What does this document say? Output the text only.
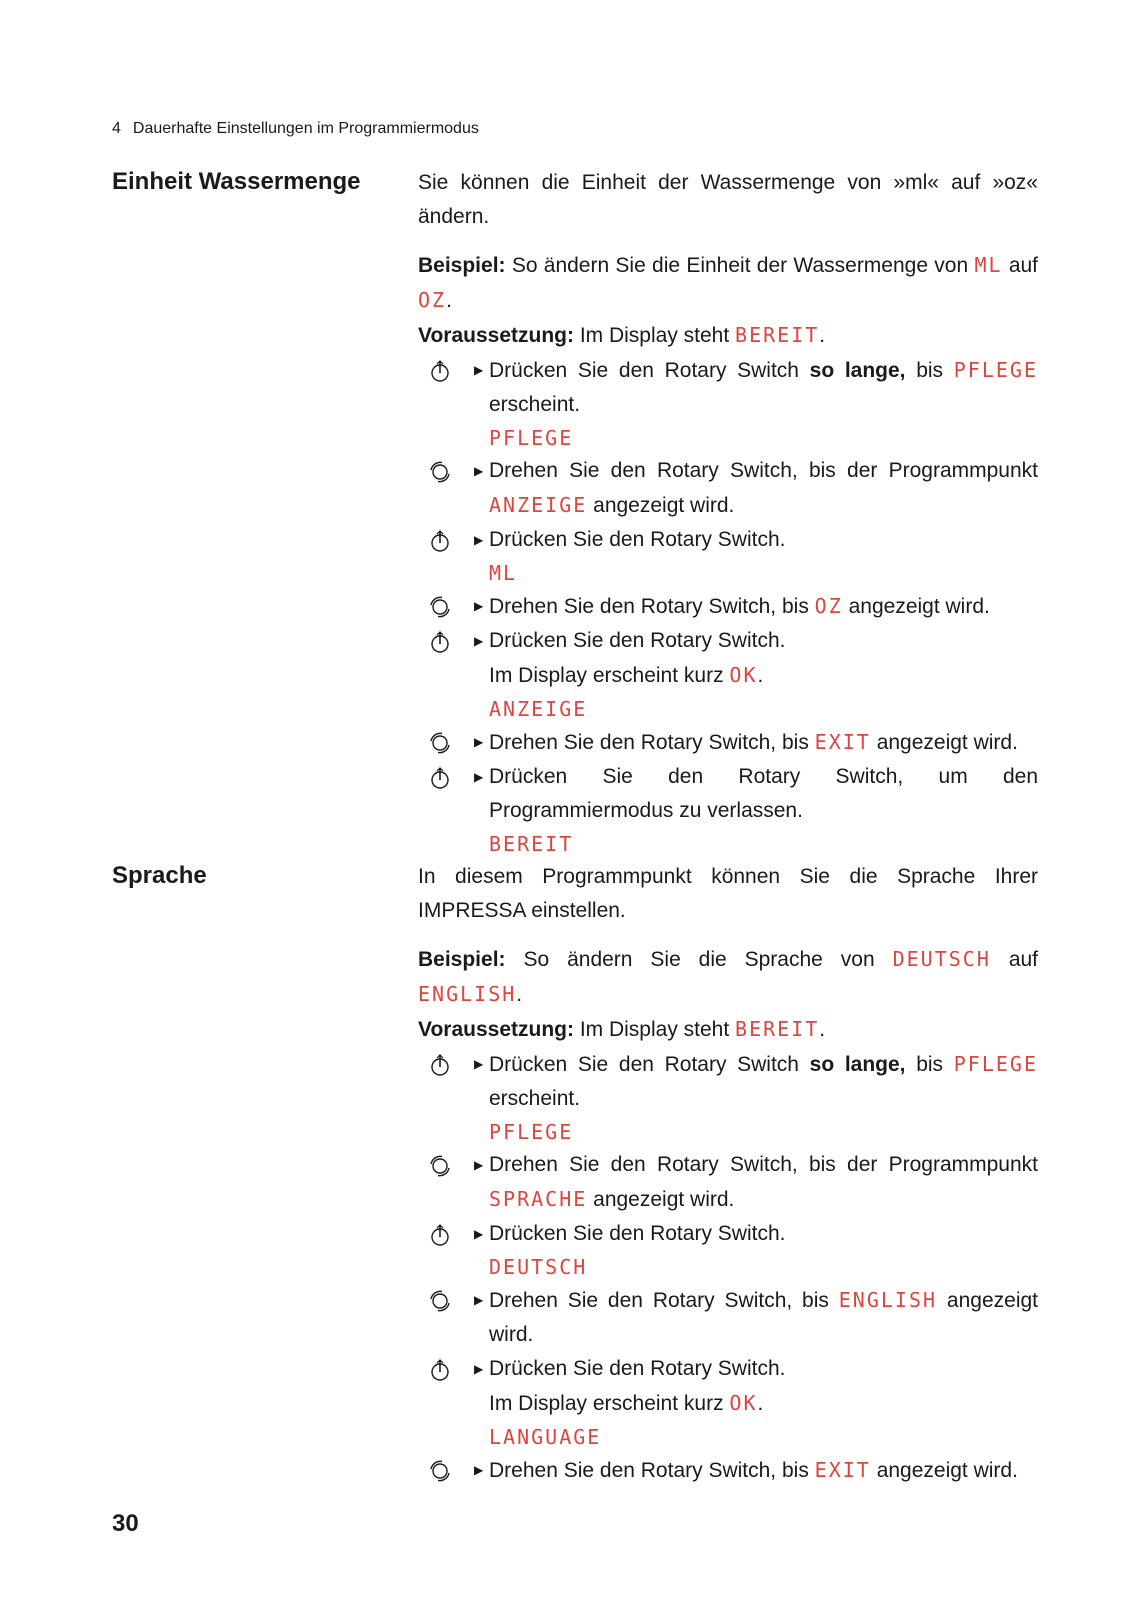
4 Dauerhafte Einstellungen im Programmiermodus
Einheit Wassermenge	Sie können die Einheit der Wassermenge von »ml« auf »oz« ändern.

Beispiel: So ändern Sie die Einheit der Wassermenge von ML auf OZ.

Voraussetzung: Im Display steht BEREIT.

▶ Drücken Sie den Rotary Switch so lange, bis PFLEGE erscheint.
PFLEGE
▶ Drehen Sie den Rotary Switch, bis der Programmpunkt ANZEIGE angezeigt wird.
▶ Drücken Sie den Rotary Switch.
ML
▶ Drehen Sie den Rotary Switch, bis OZ angezeigt wird.
▶ Drücken Sie den Rotary Switch.
Im Display erscheint kurz OK.
ANZEIGE
▶ Drehen Sie den Rotary Switch, bis EXIT angezeigt wird.
▶ Drücken Sie den Rotary Switch, um den Programmiermodus zu verlassen.
BEREIT
Sprache	In diesem Programmpunkt können Sie die Sprache Ihrer IMPRESSA einstellen.

Beispiel: So ändern Sie die Sprache von DEUTSCH auf ENGLISH.

Voraussetzung: Im Display steht BEREIT.

▶ Drücken Sie den Rotary Switch so lange, bis PFLEGE erscheint.
PFLEGE
▶ Drehen Sie den Rotary Switch, bis der Programmpunkt SPRACHE angezeigt wird.
▶ Drücken Sie den Rotary Switch.
DEUTSCH
▶ Drehen Sie den Rotary Switch, bis ENGLISH angezeigt wird.
▶ Drücken Sie den Rotary Switch.
Im Display erscheint kurz OK.
LANGUAGE
▶ Drehen Sie den Rotary Switch, bis EXIT angezeigt wird.
30
